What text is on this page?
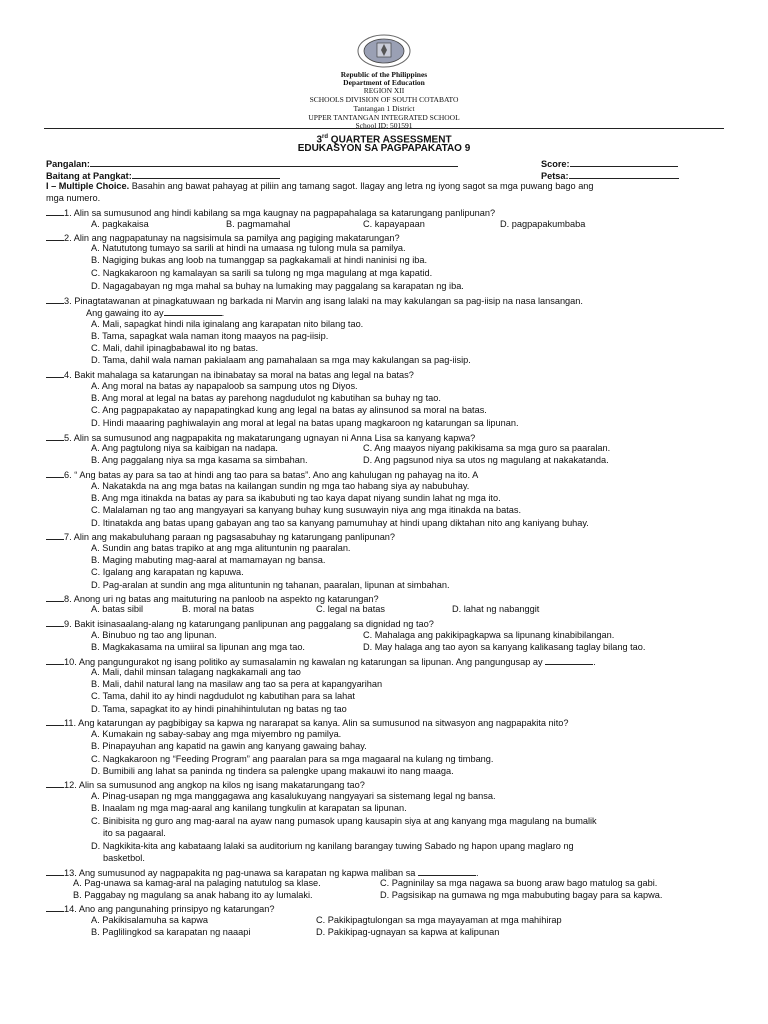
Republic of the Philippines
Department of Education
REGION XII
SCHOOLS DIVISION OF SOUTH COTABATO
Tantangan 1 District
UPPER TANTANGAN INTEGRATED SCHOOL
School ID: 501591
3rd QUARTER ASSESSMENT
EDUKASYON SA PAGPAPAKATAO 9
Pangalan:	Score:
Baitang at Pangkat:	Petsa:
I – Multiple Choice. Basahin ang bawat pahayag at piliin ang tamang sagot. Ilagay ang letra ng iyong sagot sa mga puwang bago ang
mga numero.
1. Alin sa sumusunod ang hindi kabilang sa mga kaugnay na pagpapahalaga sa katarungang panlipunan?
A. pagkakaisa	B. pagmamahal	C. kapayapaan	D. pagpapakumbaba
2. Alin ang nagpapatunay na nagsisimula sa pamilya ang pagiging makatarungan?
A. Natututong tumayo sa sarili at hindi na umaasa ng tulong mula sa pamilya.
B. Nagiging bukas ang loob na tumanggap sa pagkakamali at hindi naninisi ng iba.
C. Nagkakaroon ng kamalayan sa sarili sa tulong ng mga magulang at mga kapatid.
D. Nagagabayan ng mga mahal sa buhay na lumaking may paggalang sa karapatan ng iba.
3. Pinagtatawanan at pinagkatuwaan ng barkada ni Marvin ang isang lalaki na may kakulangan sa pag-iisip na nasa lansangan.
Ang gawaing ito ay	.
A. Mali, sapagkat hindi nila iginalang ang karapatan nito bilang tao.
B. Tama, sapagkat wala naman itong maayos na pag-iisip.
C. Mali, dahil ipinagbabawal ito ng batas.
D. Tama, dahil wala naman pakialaam ang pamahalaan sa mga may kakulangan sa pag-iisip.
4. Bakit mahalaga sa katarungan na ibinabatay sa moral na batas ang legal na batas?
A. Ang moral na batas ay napapaloob sa sampung utos ng Diyos.
B. Ang moral at legal na batas ay parehong nagdudulot ng kabutihan sa buhay ng tao.
C. Ang pagpapakatao ay napapatingkad kung ang legal na batas ay alinsunod sa moral na batas.
D. Hindi maaaring paghiwalayin ang moral at legal na batas upang magkaroon ng katarungan sa lipunan.
5. Alin sa sumusunod ang nagpapakita ng makatarungang ugnayan ni Anna Lisa sa kanyang kapwa?
A. Ang pagtulong niya sa kaibigan na nadapa.	C. Ang maayos niyang pakikisama sa mga guro sa paaralan.
B. Ang paggalang niya sa mga kasama sa simbahan.	D. Ang pagsunod niya sa utos ng magulang at nakakatanda.
6. “ Ang batas ay para sa tao at hindi ang tao para sa batas”. Ano ang kahulugan ng pahayag na ito. A
A. Nakatakda na ang mga batas na kailangan sundin ng mga tao habang siya ay nabubuhay.
B. Ang mga itinakda na batas ay para sa ikabubuti ng tao kaya dapat niyang sundin lahat ng mga ito.
C. Malalaman ng tao ang mangyayari sa kanyang buhay kung susuwayin niya ang mga itinakda na batas.
D. Itinatakda ang batas upang gabayan ang tao sa kanyang pamumuhay at hindi upang diktahan nito ang kaniyang buhay.
7. Alin ang makabuluhang paraan ng pagsasabuhay ng katarungang panlipunan?
A. Sundin ang batas trapiko at ang mga alituntunin ng paaralan.
B. Maging mabuting mag-aaral at mamamayan ng bansa.
C. Igalang ang karapatan ng kapuwa.
D. Pag-aralan at sundin ang mga alituntunin ng tahanan, paaralan, lipunan at simbahan.
8. Anong uri ng batas ang maituturing na panloob na aspekto ng katarungan?
A. batas sibil	B. moral na batas	C. legal na batas	D. lahat ng nabanggit
9. Bakit isinasaalang-alang ng katarungang panlipunan ang paggalang sa dignidad ng tao?
A. Binubuo ng tao ang lipunan.	C. Mahalaga ang pakikipagkapwa sa lipunang kinabibilangan.
B. Magkakasama na umiiral sa lipunan ang mga tao.	D. May halaga ang tao ayon sa kanyang kalikasang taglay bilang tao.
10. Ang pangungurakot ng isang politiko ay sumasalamin ng kawalan ng katarungan sa lipunan. Ang pangungusap ay	.
A. Mali, dahil minsan talagang nagkakamali ang tao
B. Mali, dahil natural lang na masilaw ang tao sa pera at kapangyarihan
C. Tama, dahil ito ay hindi nagdudulot ng kabutihan para sa lahat
D. Tama, sapagkat ito ay hindi pinahihintulutan ng batas ng tao
11. Ang katarungan ay pagbibigay sa kapwa ng nararapat sa kanya. Alin sa sumusunod na sitwasyon ang nagpapakita nito?
A. Kumakain ng sabay-sabay ang mga miyembro ng pamilya.
B. Pinapayuhan ang kapatid na gawin ang kanyang gawaing bahay.
C. Nagkakaroon ng “Feeding Program” ang paaralan para sa mga magaaral na kulang ng timbang.
D. Bumibili ang lahat sa paninda ng tindera sa palengke upang makauwi ito nang maaga.
12. Alin sa sumusunod ang angkop na kilos ng isang makatarungang tao?
A. Pinag-usapan ng mga manggagawa ang kasalukuyang nangyayari sa sistemang legal ng bansa.
B. Inaalam ng mga mag-aaral ang kanilang tungkulin at karapatan sa lipunan.
C. Binibisita ng guro ang mag-aaral na ayaw nang pumasok upang kausapin siya at ang kanyang mga magulang na bumalik
ito sa pagaaral.
D. Nagkikita-kita ang kabataang lalaki sa auditorium ng kanilang barangay tuwing Sabado ng hapon upang maglaro ng
basketbol.
13. Ang sumusunod ay nagpapakita ng pag-unawa sa karapatan ng kapwa maliban sa	.
A. Pag-unawa sa kamag-aral na palaging natutulog sa klase.	C. Pagninilay sa mga nagawa sa buong araw bago matulog sa gabi.
B. Paggabay ng magulang sa anak habang ito ay lumalaki.	D. Pagsisikap na gumawa ng mga mabubuting bagay para sa kapwa.
14. Ano ang pangunahing prinsipyo ng katarungan?
A. Pakikisalamuha sa kapwa	C. Pakikipagtulongan sa mga mayayaman at mga mahihirap
B. Paglilingkod sa karapatan ng naaapi	D. Pakikipag-ugnayan sa kapwa at kalipunan
